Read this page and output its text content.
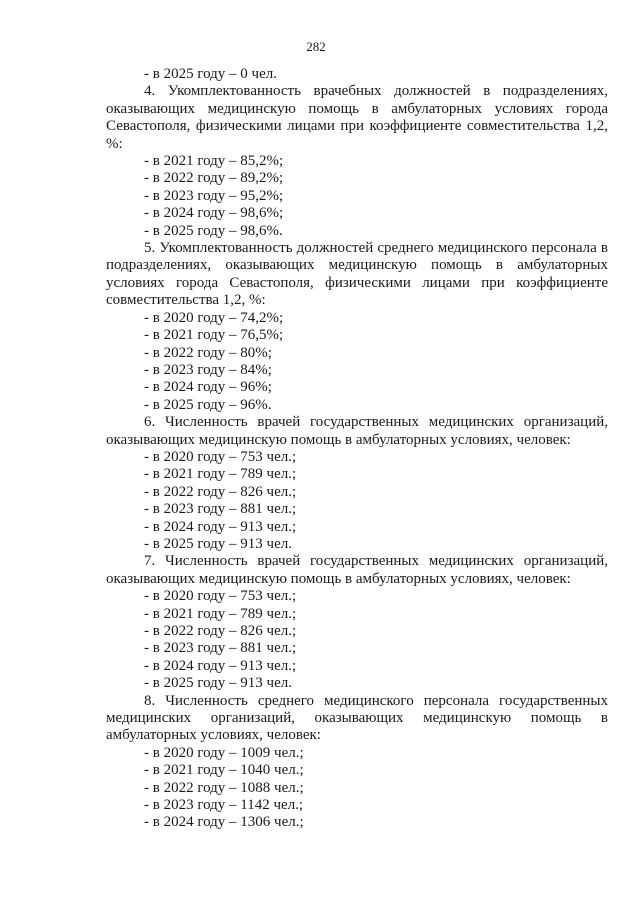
282
- в 2025 году – 0 чел.

4. Укомплектованность врачебных должностей в подразделениях, оказывающих медицинскую помощь в амбулаторных условиях города Севастополя, физическими лицами при коэффициенте совместительства 1,2, %:

- в 2021 году – 85,2%;
- в 2022 году – 89,2%;
- в 2023 году – 95,2%;
- в 2024 году – 98,6%;
- в 2025 году – 98,6%.

5. Укомплектованность должностей среднего медицинского персонала в подразделениях, оказывающих медицинскую помощь в амбулаторных условиях города Севастополя, физическими лицами при коэффициенте совместительства 1,2, %:

- в 2020 году – 74,2%;
- в 2021 году – 76,5%;
- в 2022 году – 80%;
- в 2023 году – 84%;
- в 2024 году – 96%;
- в 2025 году – 96%.

6. Численность врачей государственных медицинских организаций, оказывающих медицинскую помощь в амбулаторных условиях, человек:

- в 2020 году – 753 чел.;
- в 2021 году – 789 чел.;
- в 2022 году – 826 чел.;
- в 2023 году – 881 чел.;
- в 2024 году – 913 чел.;
- в 2025 году – 913 чел.

7. Численность врачей государственных медицинских организаций, оказывающих медицинскую помощь в амбулаторных условиях, человек:

- в 2020 году – 753 чел.;
- в 2021 году – 789 чел.;
- в 2022 году – 826 чел.;
- в 2023 году – 881 чел.;
- в 2024 году – 913 чел.;
- в 2025 году – 913 чел.

8. Численность среднего медицинского персонала государственных медицинских организаций, оказывающих медицинскую помощь в амбулаторных условиях, человек:

- в 2020 году – 1009 чел.;
- в 2021 году – 1040 чел.;
- в 2022 году – 1088 чел.;
- в 2023 году – 1142 чел.;
- в 2024 году – 1306 чел.;
